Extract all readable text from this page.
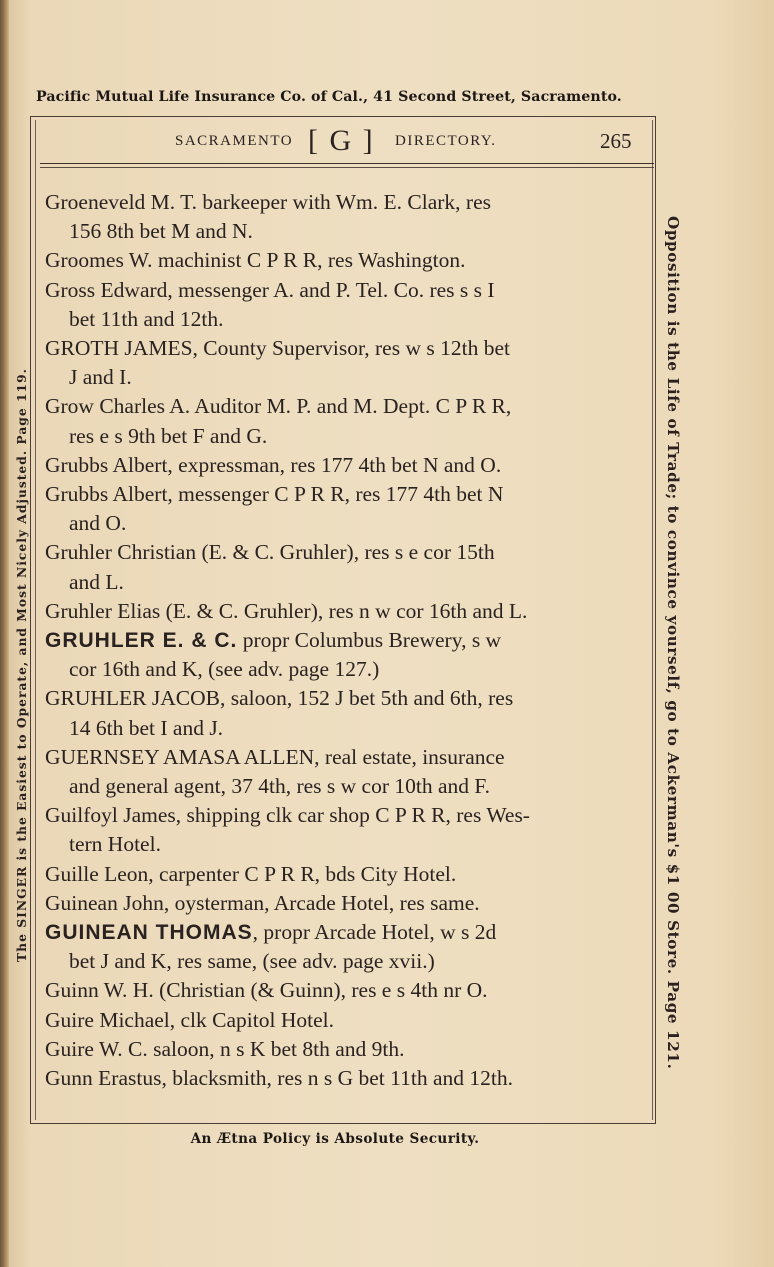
Pacific Mutual Life Insurance Co. of Cal., 41 Second Street, Sacramento.
SACRAMENTO [ G ] DIRECTORY.	265

Groeneveld M. T. barkeeper with Wm. E. Clark, res
156 8th bet M and N.

Groomes W. machinist C P R R, res Washington.

Gross Edward, messenger A. and P. Tel. Co. res s s I
bet 11th and 12th.

GROTH JAMES, County Supervisor, res w s 12th bet
J and I.

Grow Charles A. Auditor M. P. and M. Dept. C P R R,
res e s 9th bet F and G.

Grubbs Albert, expressman, res 177 4th bet N and O.

Grubbs Albert, messenger C P R R, res 177 4th bet N
and O.

Gruhler Christian (E. & C. Gruhler), res s e cor 15th
and L.

Gruhler Elias (E. & C. Gruhler), res n w cor 16th and L.

GRUHLER E. & C. propr Columbus Brewery, s w
cor 16th and K, (see adv. page 127.)

GRUHLER JACOB, saloon, 152 J bet 5th and 6th, res
14 6th bet I and J.

GUERNSEY AMASA ALLEN, real estate, insurance
and general agent, 37 4th, res s w cor 10th and F.

Guilfoyl James, shipping clk car shop C P R R, res Wes-
tern Hotel.

Guille Leon, carpenter C P R R, bds City Hotel.

Guinean John, oysterman, Arcade Hotel, res same.

GUINEAN THOMAS, propr Arcade Hotel, w s 2d
bet J and K, res same, (see adv. page xvii.)

Guinn W. H. (Christian (& Guinn), res e s 4th nr O.

Guire Michael, clk Capitol Hotel.

Guire W. C. saloon, n s K bet 8th and 9th.

Gunn Erastus, blacksmith, res n s G bet 11th and 12th.

The SINGER is the Easiest to Operate, and Most Nicely Adjusted. Page 119.	Opposition is the Life of Trade; to convince yourself, go to Ackerman's $1 00 Store. Page 121.
An Ætna Policy is Absolute Security.
